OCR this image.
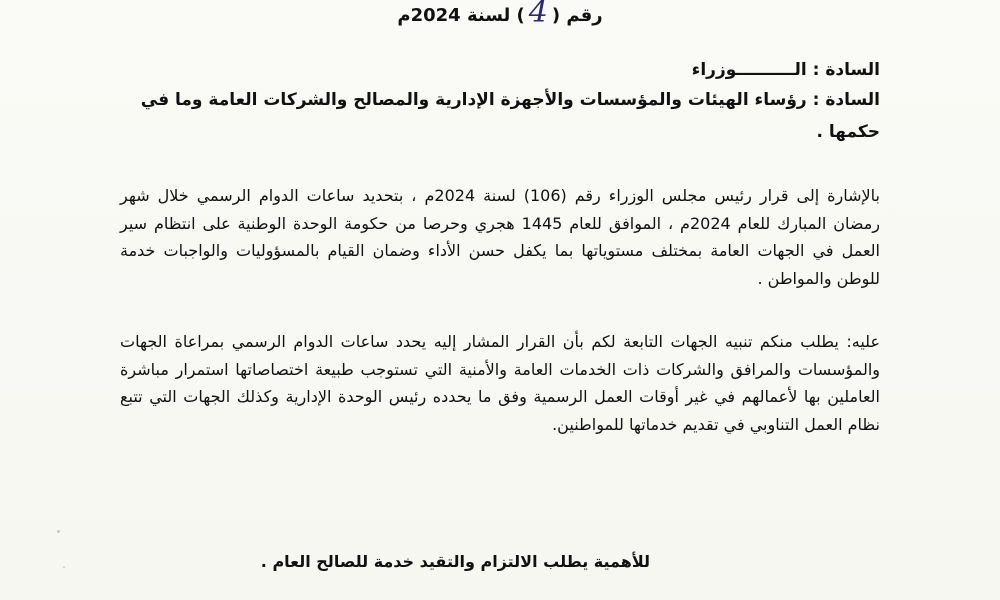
رقم (
4
) لسنة 2024م
السادة : الــــــــــوزراء
السادة : رؤساء الهيئات والمؤسسات والأجهزة الإدارية والمصالح والشركات العامة وما في
حكمها .
بالإشارة إلى قرار رئيس مجلس الوزراء رقم (106) لسنة 2024م ، بتحديد ساعات الدوام الرسمي خلال شهر رمضان المبارك للعام 2024م ، الموافق للعام 1445 هجري وحرصا من حكومة الوحدة الوطنية على انتظام سير العمل في الجهات العامة بمختلف مستوياتها بما يكفل حسن الأداء وضمان القيام بالمسؤوليات والواجبات خدمة للوطن والمواطن .
عليه: يطلب منكم تنبيه الجهات التابعة لكم بأن القرار المشار إليه يحدد ساعات الدوام الرسمي بمراعاة الجهات والمؤسسات والمرافق والشركات ذات الخدمات العامة والأمنية التي تستوجب طبيعة اختصاصاتها استمرار مباشرة العاملين بها لأعمالهم في غير أوقات العمل الرسمية وفق ما يحدده رئيس الوحدة الإدارية وكذلك الجهات التي تتبع نظام العمل التناوبي في تقديم خدماتها للمواطنين.
للأهمية يطلب الالتزام والتقيد خدمة للصالح العام .
